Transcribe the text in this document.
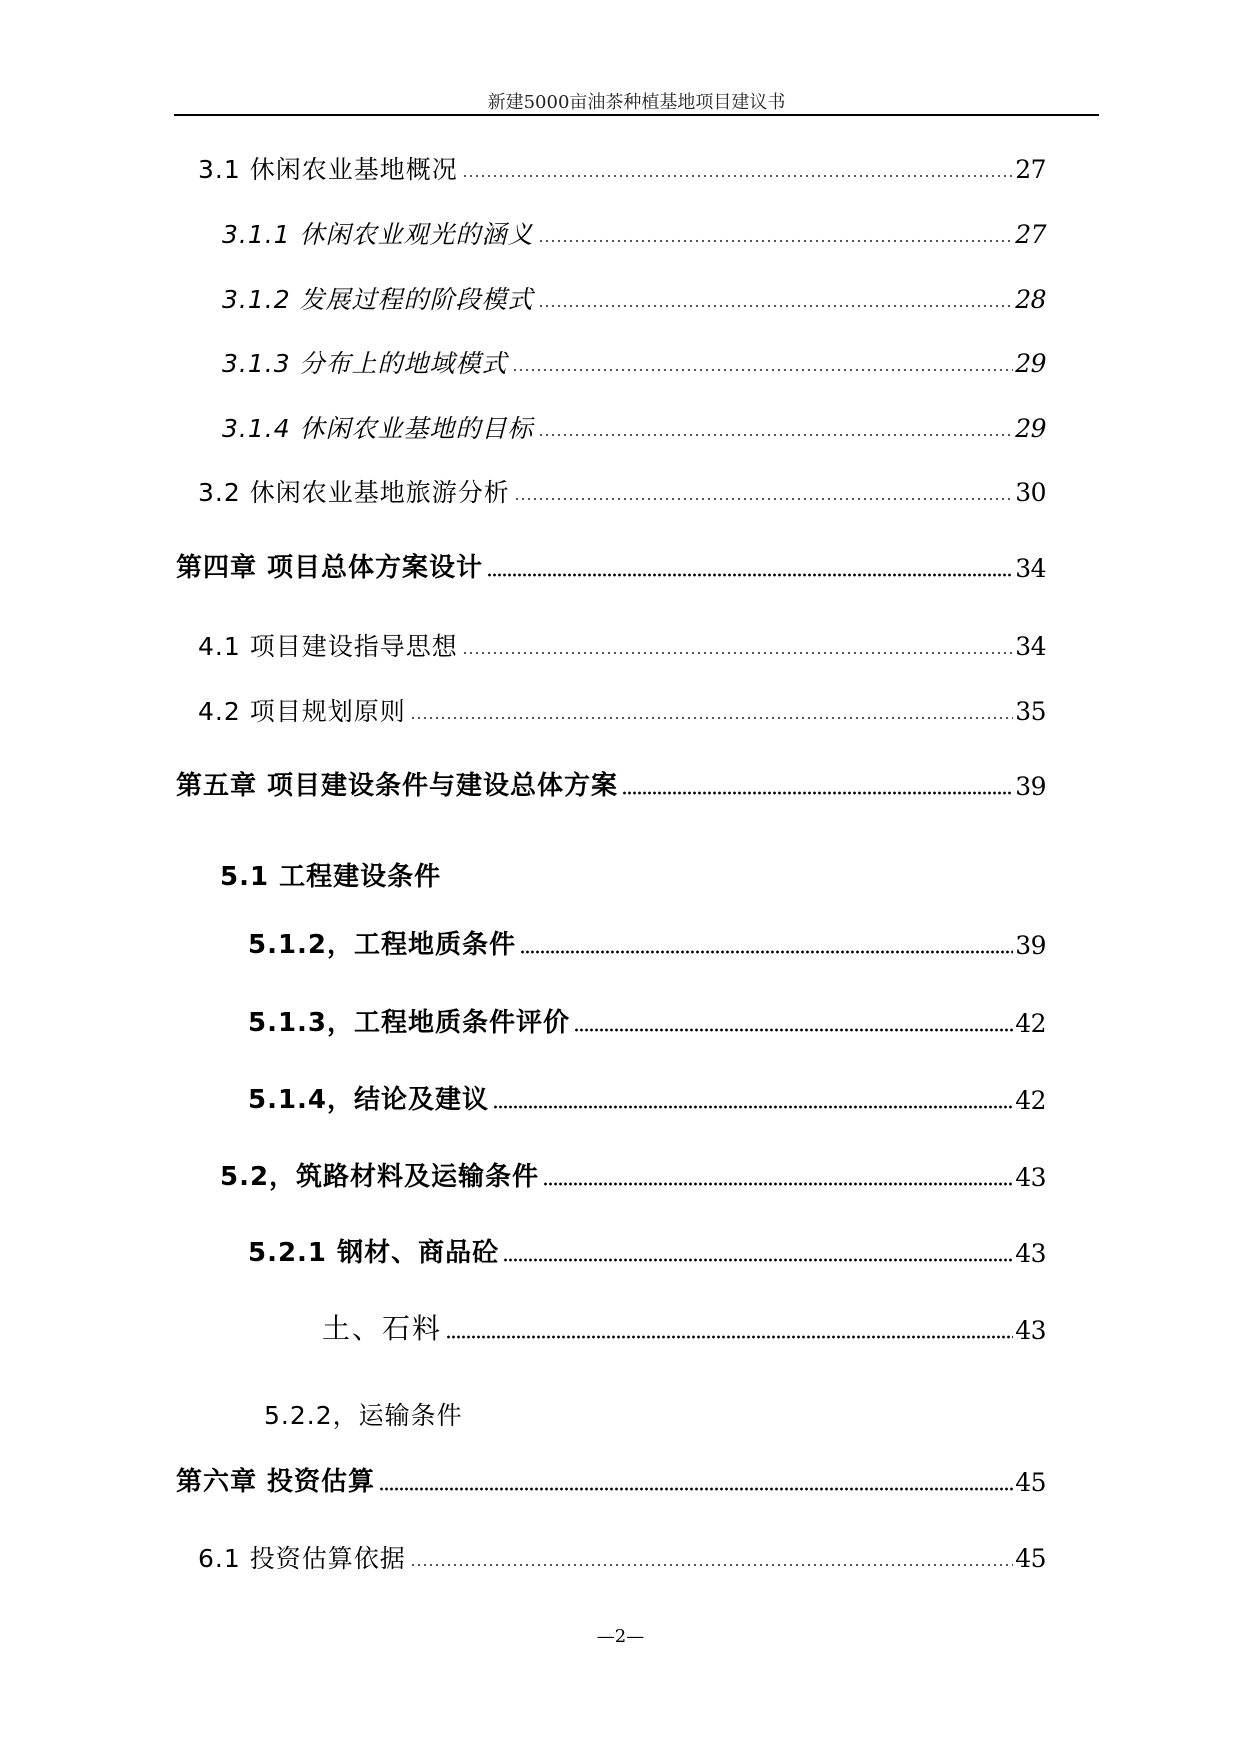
新建5000亩油茶种植基地项目建议书
3.1 休闲农业基地概况	27
3.1.1 休闲农业观光的涵义	27
3.1.2 发展过程的阶段模式	28
3.1.3 分布上的地域模式	29
3.1.4 休闲农业基地的目标	29
3.2 休闲农业基地旅游分析	30
第四章 项目总体方案设计	34
4.1 项目建设指导思想	34
4.2 项目规划原则	35
第五章 项目建设条件与建设总体方案	39
5.1 工程建设条件
5.1.2，工程地质条件	39
5.1.3，工程地质条件评价	42
5.1.4，结论及建议	42
5.2，筑路材料及运输条件	43
5.2.1 钢材、商品砼	43
土、石料	43
5.2.2，运输条件
第六章 投资估算	45
6.1 投资估算依据	45
—2—
